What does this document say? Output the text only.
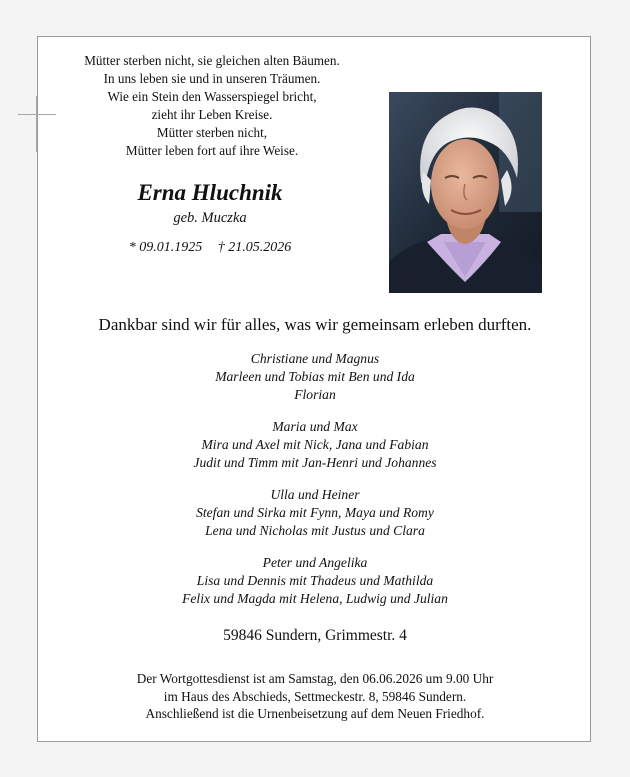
Mütter sterben nicht, sie gleichen alten Bäumen.
In uns leben sie und in unseren Träumen.
Wie ein Stein den Wasserspiegel bricht,
zieht ihr Leben Kreise.
Mütter sterben nicht,
Mütter leben fort auf ihre Weise.
Erna Hluchnik
geb. Muczka
* 09.01.1925 † 21.05.2026
Dankbar sind wir für alles, was wir gemeinsam erleben durften.
Christiane und Magnus
Marleen und Tobias mit Ben und Ida
Florian
Maria und Max
Mira und Axel mit Nick, Jana und Fabian
Judit und Timm mit Jan-Henri und Johannes
Ulla und Heiner
Stefan und Sirka mit Fynn, Maya und Romy
Lena und Nicholas mit Justus und Clara
Peter und Angelika
Lisa und Dennis mit Thadeus und Mathilda
Felix und Magda mit Helena, Ludwig und Julian
59846 Sundern, Grimmestr. 4
Der Wortgottesdienst ist am Samstag, den 06.06.2026 um 9.00 Uhr
im Haus des Abschieds, Settmeckestr. 8, 59846 Sundern.
Anschließend ist die Urnenbeisetzung auf dem Neuen Friedhof.
